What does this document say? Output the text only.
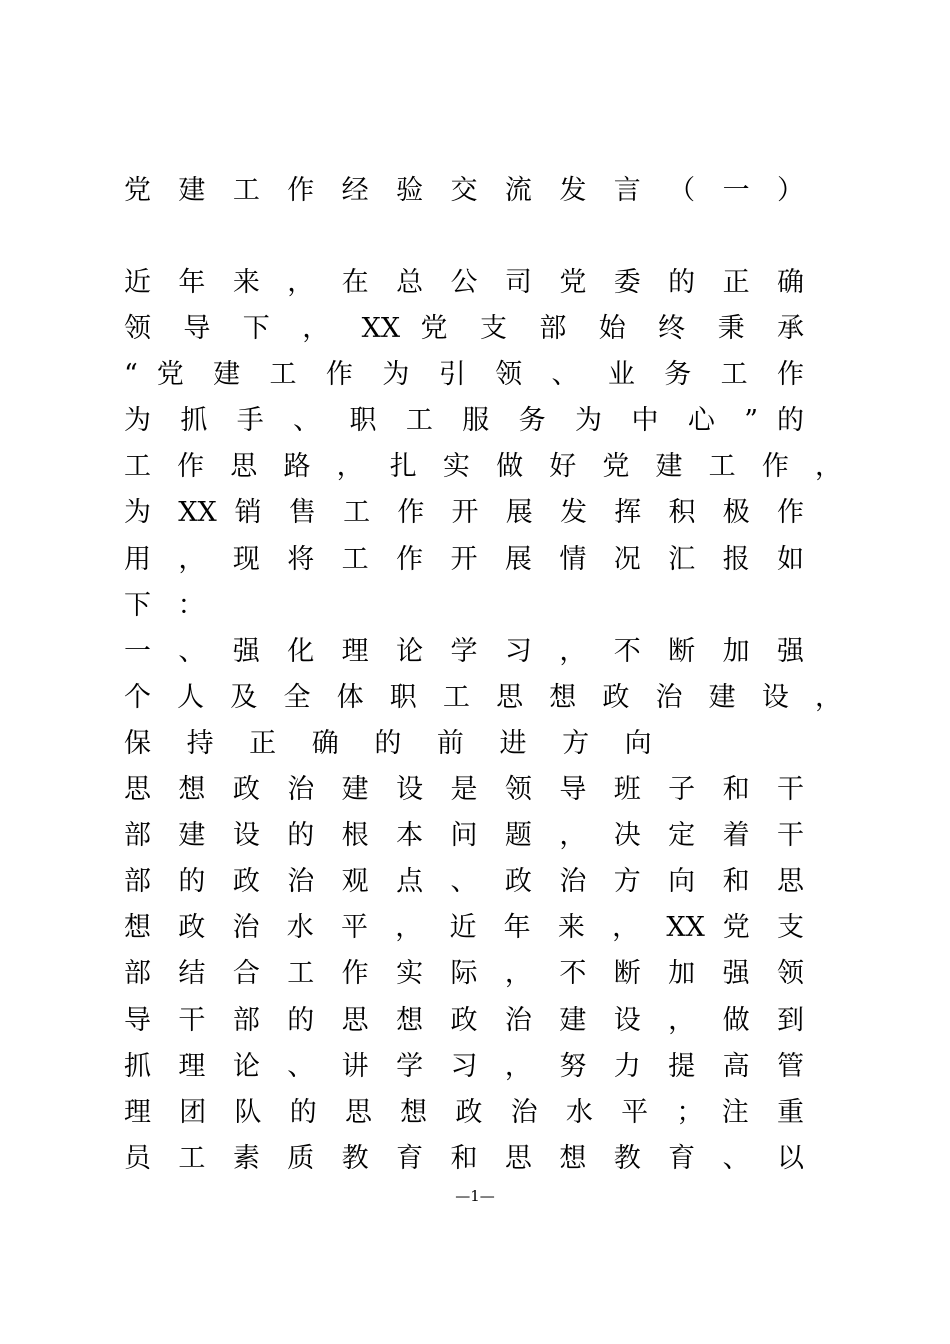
党 建 工 作 经 验 交 流 发 言 （ 一 ）
近 年 来 ， 在 总 公 司 党 委 的 正 确
领 导 下 ， XX 党 支 部 始 终 秉 承
“ 党 建 工 作 为 引 领 、 业 务 工 作
为 抓 手 、 职 工 服 务 为 中 心 ” 的
工 作 思 路 ， 扎 实 做 好 党 建 工 作 ，
为 XX 销 售 工 作 开 展 发 挥 积 极 作
用 ， 现 将 工 作 开 展 情 况 汇 报 如
下 ：
一 、 强 化 理 论 学 习 ， 不 断 加 强
个 人 及 全 体 职 工 思 想 政 治 建 设 ，
保 持 正 确 的 前 进 方 向
思 想 政 治 建 设 是 领 导 班 子 和 干
部 建 设 的 根 本 问 题 ， 决 定 着 干
部 的 政 治 观 点 、 政 治 方 向 和 思
想 政 治 水 平 ， 近 年 来 ， XX 党 支
部 结 合 工 作 实 际 ， 不 断 加 强 领
导 干 部 的 思 想 政 治 建 设 ， 做 到
抓 理 论 、 讲 学 习 ， 努 力 提 高 管
理 团 队 的 思 想 政 治 水 平 ； 注 重
员 工 素 质 教 育 和 思 想 教 育 、 以
—1—
